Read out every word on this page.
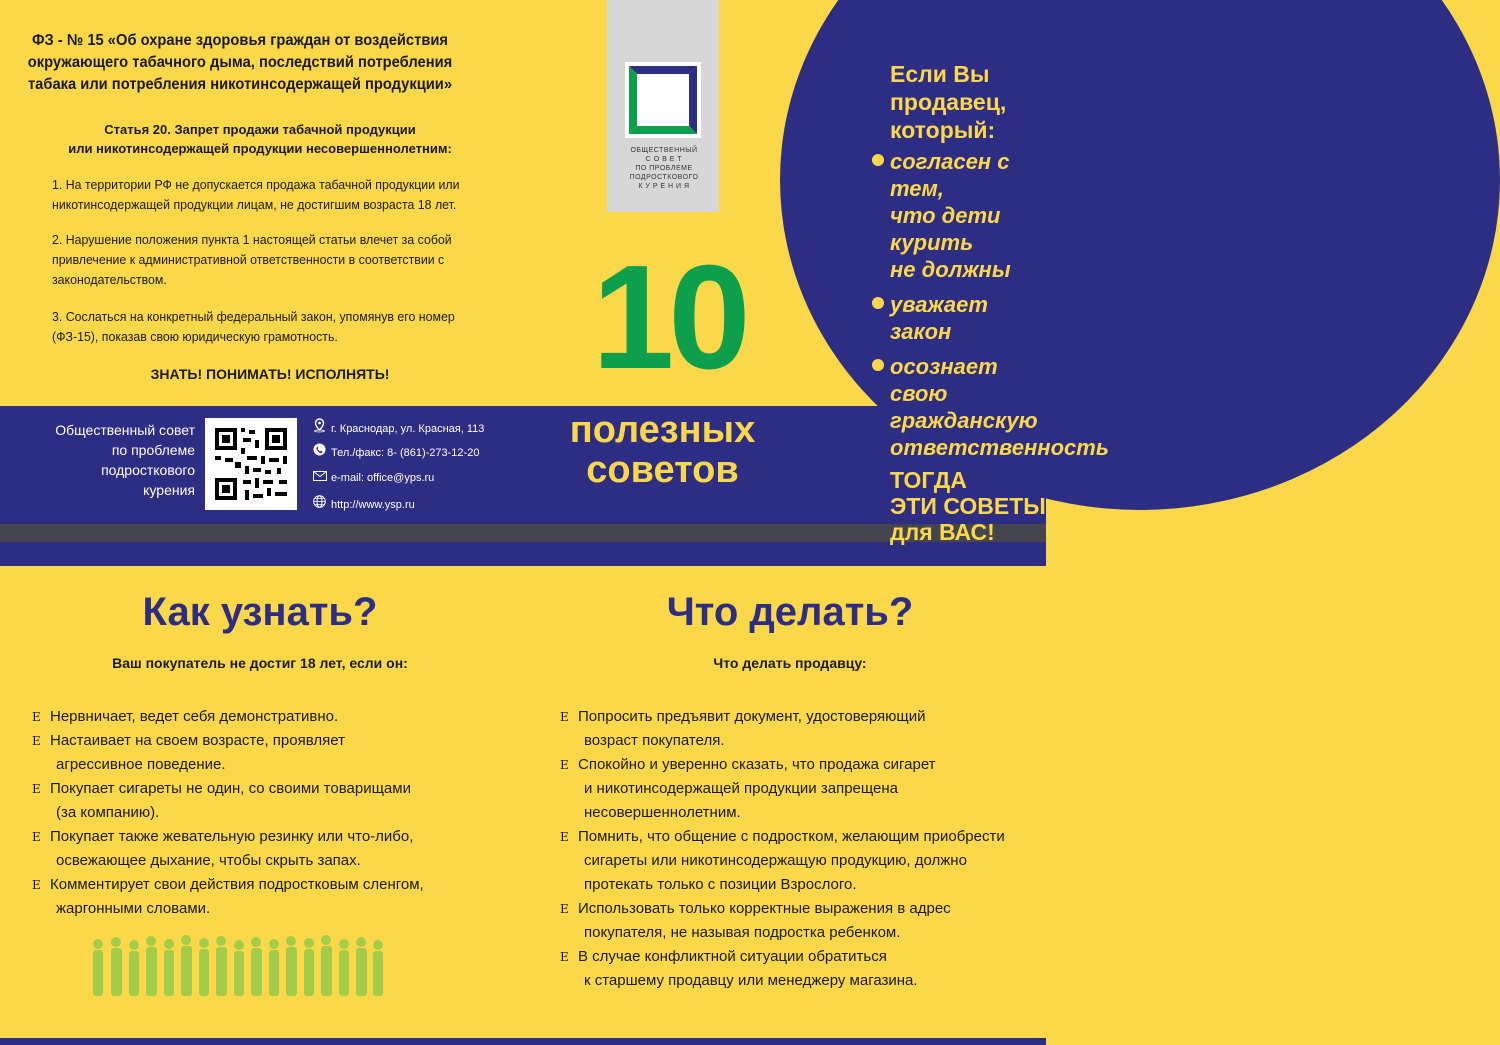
ФЗ - № 15 «Об охране здоровья граждан от воздействия окружающего табачного дыма, последствий потребления табака или потребления никотинсодержащей продукции»
Статья 20. Запрет продажи табачной продукции
или никотинсодержащей продукции несовершеннолетним:
1. На территории РФ не допускается продажа табачной продукции или никотинсодержащей продукции лицам, не достигшим возраста 18 лет.
2. Нарушение положения пункта 1 настоящей статьи влечет за собой привлечение к административной ответственности в соответствии с законодательством.
3. Сослаться на конкретный федеральный закон, упомянув его номер (ФЗ-15), показав свою юридическую грамотность.
ЗНАТЬ! ПОНИМАТЬ! ИСПОЛНЯТЬ!
ОБЩЕСТВЕННЫЙ
С О В Е Т
ПО ПРОБЛЕМЕ
ПОДРОСТКОВОГО
К У Р Е Н И Я
10
полезных
советов
Общественный совет
по проблеме
подросткового
курения
г. Краснодар, ул. Красная, 113
Тел./факс: 8- (861)-273-12-20
e-mail: office@yps.ru
http://www.ysp.ru
Если Вы
продавец,
который:
согласен с тем,
что дети курить
не должны
уважает закон
осознает свою
гражданскую
ответственность
ТОГДА
ЭТИ СОВЕТЫ
для ВАС!
Как узнать?
Ваш покупатель не достиг 18 лет, если он:
E Нервничает, ведет себя демонстративно.
E Настаивает на своем возрасте, проявляет
агрессивное поведение.
E Покупает сигареты не один, со своими товарищами
(за компанию).
E Покупает также жевательную резинку или что-либо,
освежающее дыхание, чтобы скрыть запах.
E Комментирует свои действия подростковым сленгом,
жаргонными словами.
Что делать?
Что делать продавцу:
E Попросить предъявит документ, удостоверяющий
возраст покупателя.
E Спокойно и уверенно сказать, что продажа сигарет
и никотинсодержащей продукции запрещена
несовершеннолетним.
E Помнить, что общение с подростком, желающим приобрести
сигареты или никотинсодержащую продукцию, должно
протекать только с позиции Взрослого.
E Использовать только корректные выражения в адрес
покупателя, не называя подростка ребенком.
E В случае конфликтной ситуации обратиться
к старшему продавцу или менеджеру магазина.
